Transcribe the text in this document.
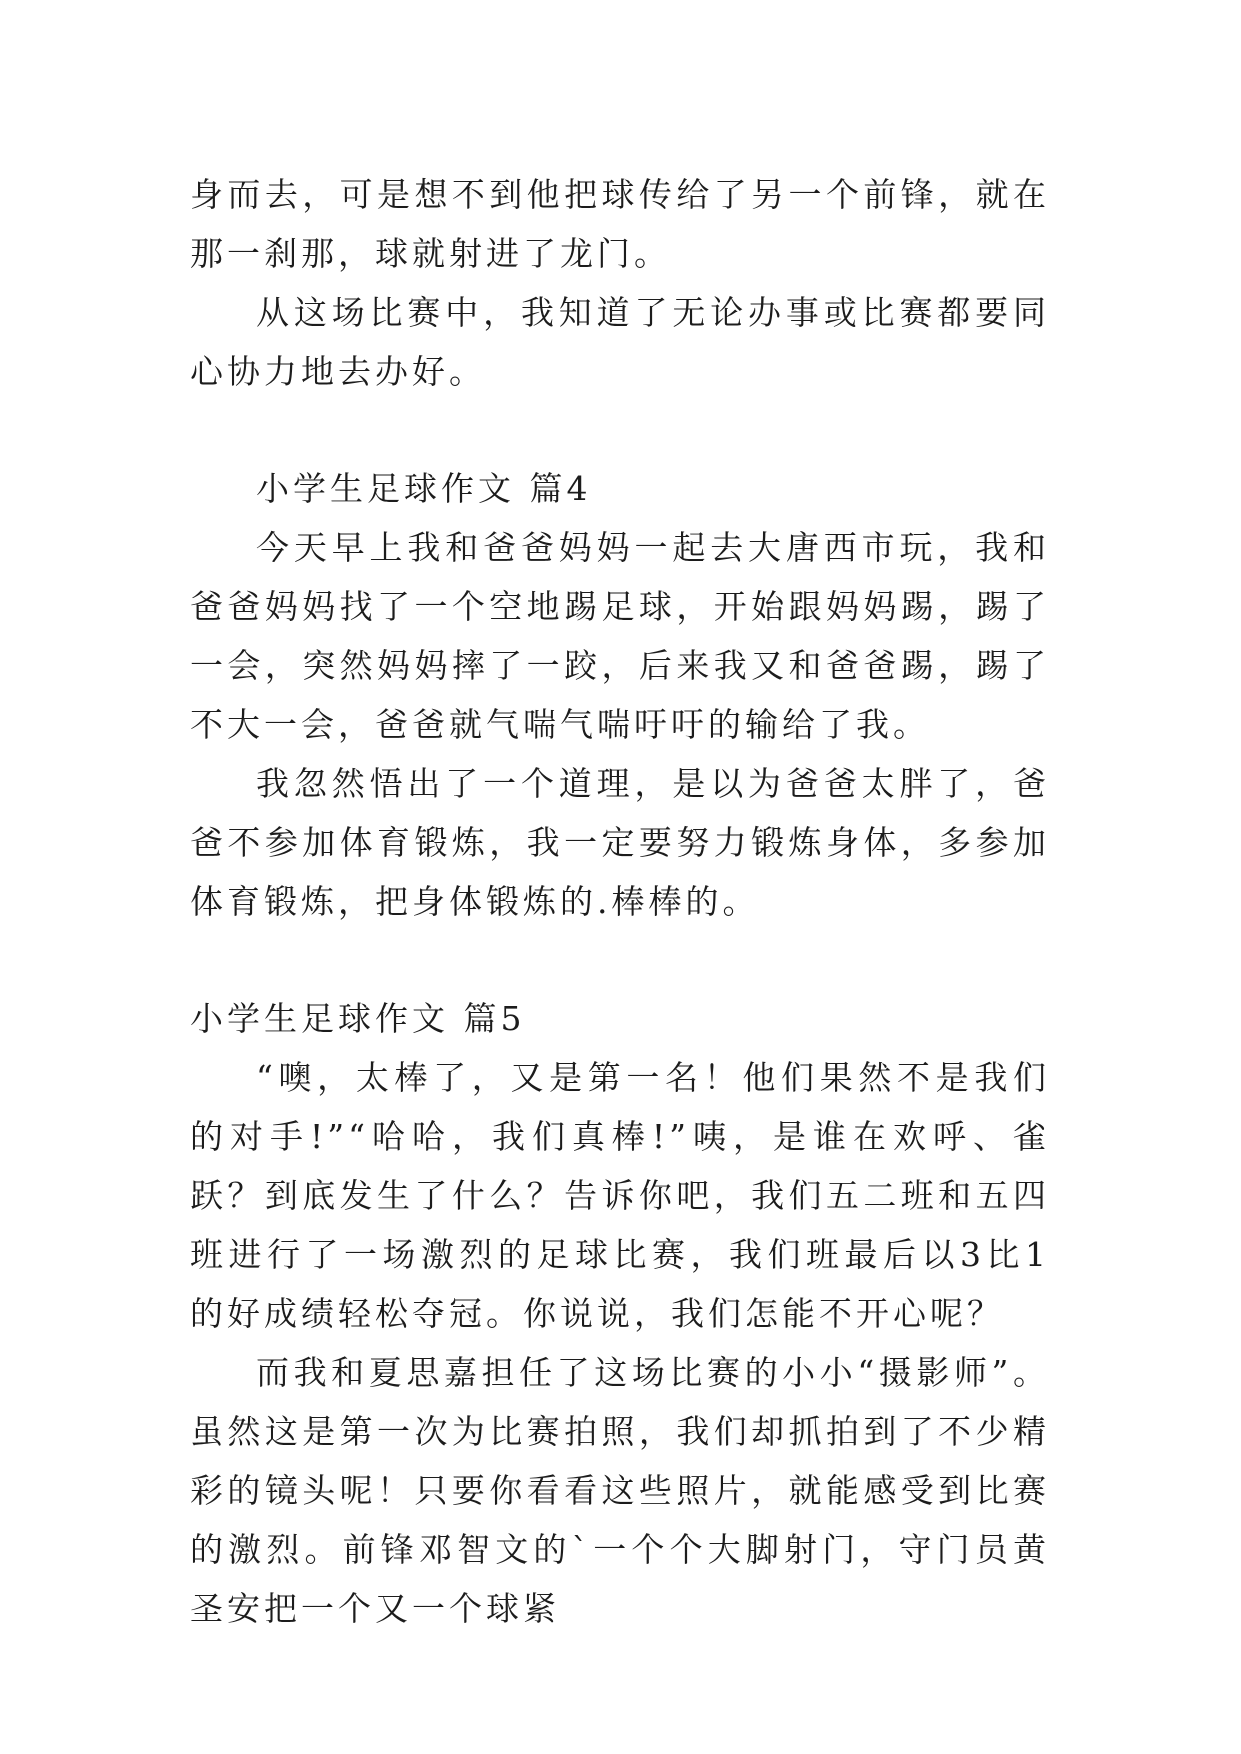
身而去，可是想不到他把球传给了另一个前锋，就在那一刹那，球就射进了龙门。

从这场比赛中，我知道了无论办事或比赛都要同心协力地去办好。

小学生足球作文 篇4

今天早上我和爸爸妈妈一起去大唐西市玩，我和爸爸妈妈找了一个空地踢足球，开始跟妈妈踢，踢了一会，突然妈妈摔了一跤，后来我又和爸爸踢，踢了不大一会，爸爸就气喘气喘吁吁的输给了我。

我忽然悟出了一个道理，是以为爸爸太胖了，爸爸不参加体育锻炼，我一定要努力锻炼身体，多参加体育锻炼，把身体锻炼的.棒棒的。

小学生足球作文 篇5

“噢，太棒了，又是第一名！他们果然不是我们的对手!”“哈哈，我们真棒!”咦，是谁在欢呼、雀跃？到底发生了什么？告诉你吧，我们五二班和五四班进行了一场激烈的足球比赛，我们班最后以3比1的好成绩轻松夺冠。你说说，我们怎能不开心呢？

而我和夏思嘉担任了这场比赛的小小“摄影师”。虽然这是第一次为比赛拍照，我们却抓拍到了不少精彩的镜头呢！只要你看看这些照片，就能感受到比赛的激烈。前锋邓智文的`一个个大脚射门，守门员黄圣安把一个又一个球紧
